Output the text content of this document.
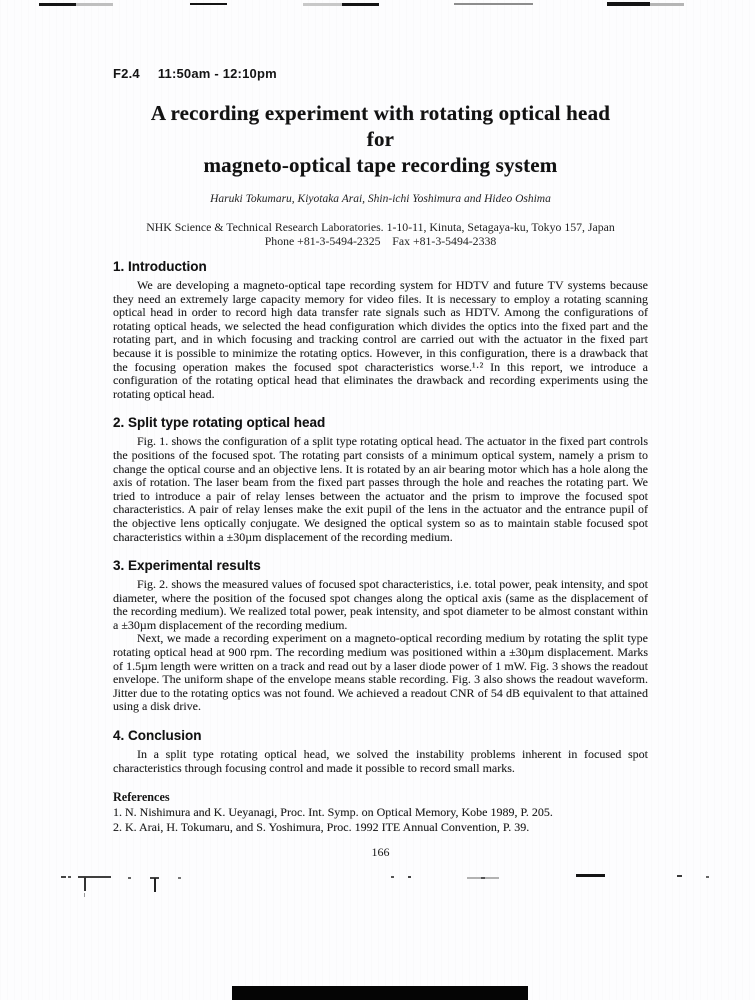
F2.4 11:50am - 12:10pm
A recording experiment with rotating optical head
for
magneto-optical tape recording system
Haruki Tokumaru, Kiyotaka Arai, Shin-ichi Yoshimura and Hideo Oshima
NHK Science & Technical Research Laboratories. 1-10-11, Kinuta, Setagaya-ku, Tokyo 157, Japan
Phone +81-3-5494-2325    Fax +81-3-5494-2338
1. Introduction

We are developing a magneto-optical tape recording system for HDTV and future TV systems because they need an extremely large capacity memory for video files. It is necessary to employ a rotating scanning optical head in order to record high data transfer rate signals such as HDTV. Among the configurations of rotating optical heads, we selected the head configuration which divides the optics into the fixed part and the rotating part, and in which focusing and tracking control are carried out with the actuator in the fixed part because it is possible to minimize the rotating optics. However, in this configuration, there is a drawback that the focusing operation makes the focused spot characteristics worse.¹·² In this report, we introduce a configuration of the rotating optical head that eliminates the drawback and recording experiments using the rotating optical head.

2. Split type rotating optical head

Fig. 1. shows the configuration of a split type rotating optical head. The actuator in the fixed part controls the positions of the focused spot. The rotating part consists of a minimum optical system, namely a prism to change the optical course and an objective lens. It is rotated by an air bearing motor which has a hole along the axis of rotation. The laser beam from the fixed part passes through the hole and reaches the rotating part. We tried to introduce a pair of relay lenses between the actuator and the prism to improve the focused spot characteristics. A pair of relay lenses make the exit pupil of the lens in the actuator and the entrance pupil of the objective lens optically conjugate. We designed the optical system so as to maintain stable focused spot characteristics within a ±30µm displacement of the recording medium.

3. Experimental results

Fig. 2. shows the measured values of focused spot characteristics, i.e. total power, peak intensity, and spot diameter, where the position of the focused spot changes along the optical axis (same as the displacement of the recording medium). We realized total power, peak intensity, and spot diameter to be almost constant within a ±30µm displacement of the recording medium.

Next, we made a recording experiment on a magneto-optical recording medium by rotating the split type rotating optical head at 900 rpm. The recording medium was positioned within a ±30µm displacement. Marks of 1.5µm length were written on a track and read out by a laser diode power of 1 mW. Fig. 3 shows the readout envelope. The uniform shape of the envelope means stable recording. Fig. 3 also shows the readout waveform. Jitter due to the rotating optics was not found. We achieved a readout CNR of 54 dB equivalent to that attained using a disk drive.

4. Conclusion

In a split type rotating optical head, we solved the instability problems inherent in focused spot characteristics through focusing control and made it possible to record small marks.

References
1. N. Nishimura and K. Ueyanagi, Proc. Int. Symp. on Optical Memory, Kobe 1989, P. 205.
2. K. Arai, H. Tokumaru, and S. Yoshimura, Proc. 1992 ITE Annual Convention, P. 39.
166
